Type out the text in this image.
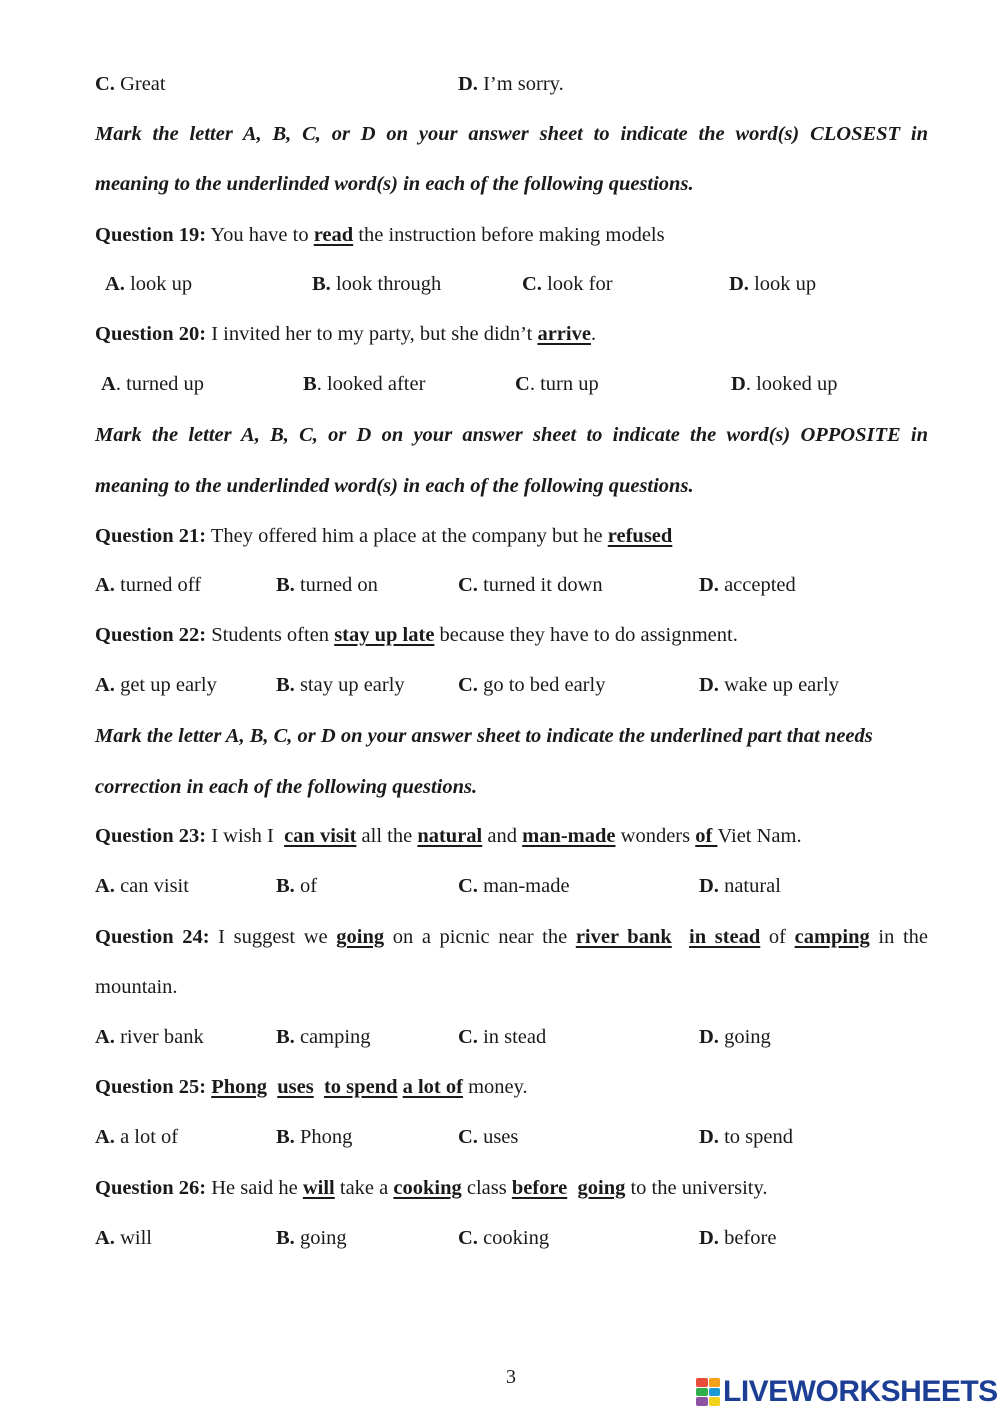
C. Great	D. I’m sorry.
Mark the letter A, B, C, or D on your answer sheet to indicate the word(s) CLOSEST in
meaning to the underlinded word(s) in each of the following questions.
Question 19: You have to read the instruction before making models
A. look up	B. look through	C. look for	D. look up
Question 20: I invited her to my party, but she didn’t arrive.
A. turned up	B. looked after	C. turn up	D. looked up
Mark the letter A, B, C, or D on your answer sheet to indicate the word(s) OPPOSITE in
meaning to the underlinded word(s) in each of the following questions.
Question 21: They offered him a place at the company but he refused
A. turned off	B. turned on	C. turned it down	D. accepted
Question 22: Students often stay up late because they have to do assignment.
A. get up early	B. stay up early	C. go to bed early	D. wake up early
Mark the letter A, B, C, or D on your answer sheet to indicate the underlined part that needs
correction in each of the following questions.
Question 23: I wish I  can visit all the natural and man-made wonders of Viet Nam.
A. can visit	B. of	C. man-made	D. natural
Question 24: I suggest we going on a picnic near the river bank in stead of camping in the
mountain.
A. river bank	B. camping	C. in stead	D. going
Question 25: Phong uses to spend a lot of money.
A. a lot of	B. Phong	C. uses	D. to spend
Question 26: He said he will take a cooking class before going to the university.
A. will	B. going	C. cooking	D. before
3	LIVEWORKSHEETS
